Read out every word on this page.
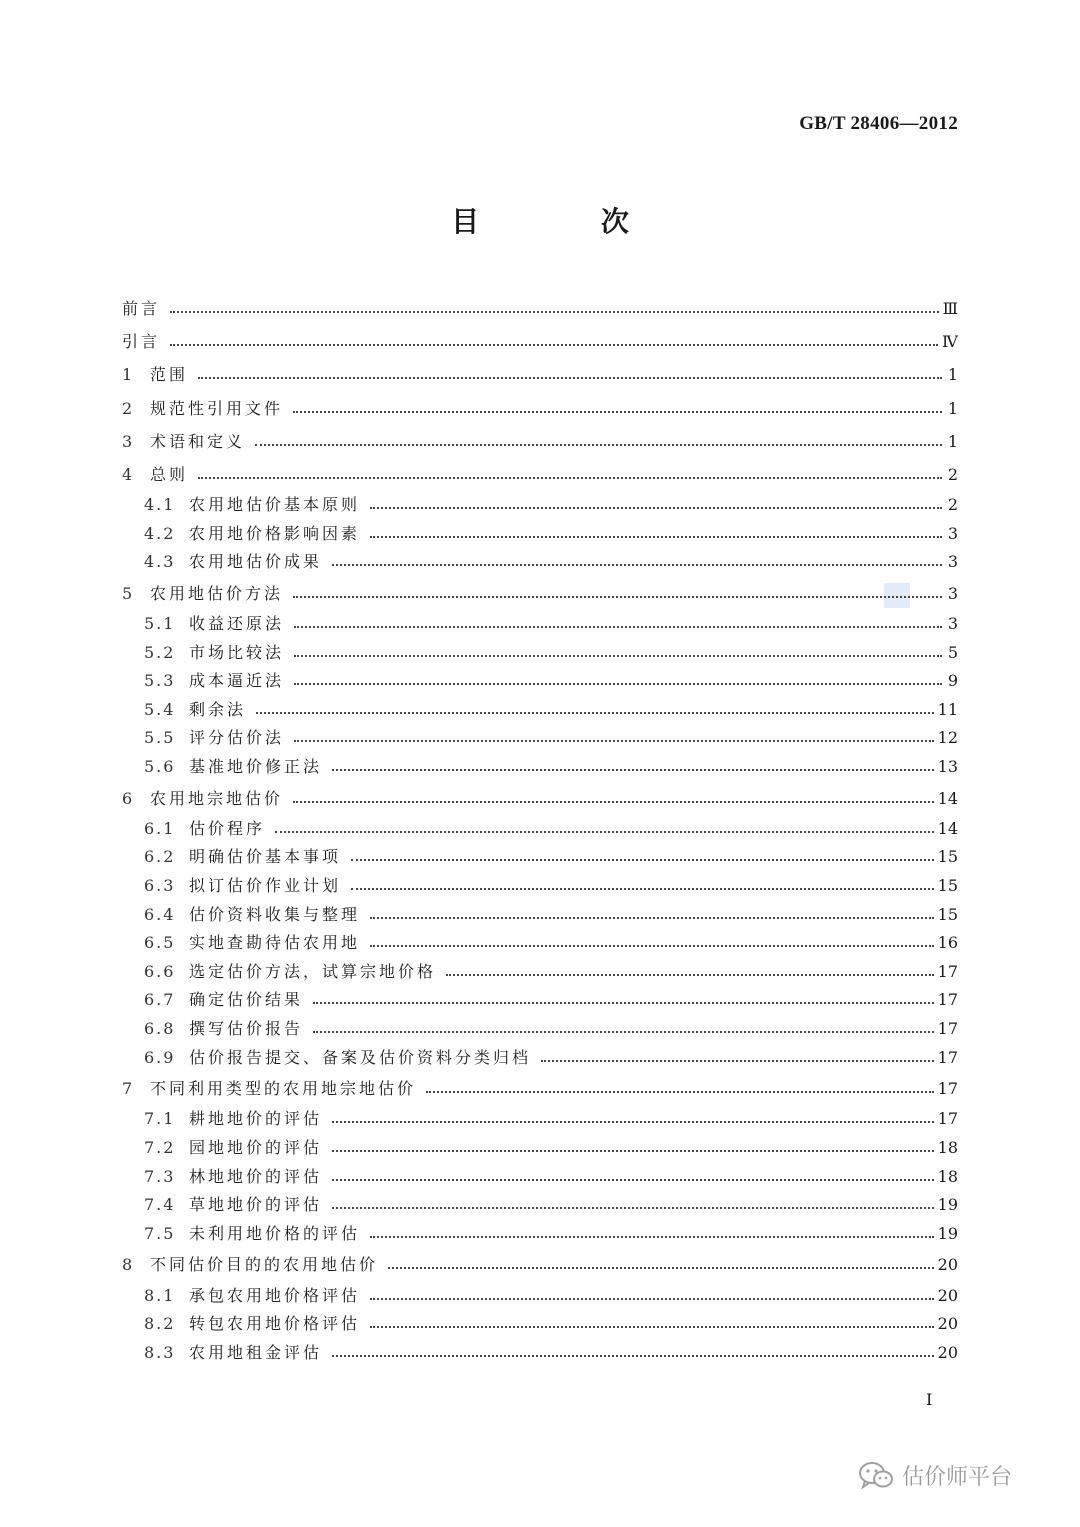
GB/T 28406—2012
目 次
前言	Ⅲ
引言	Ⅳ
1 范围	1
2 规范性引用文件	1
3 术语和定义	1
4 总则	2
4.1 农用地估价基本原则	2
4.2 农用地价格影响因素	3
4.3 农用地估价成果	3
5 农用地估价方法	3
5.1 收益还原法	3
5.2 市场比较法	5
5.3 成本逼近法	9
5.4 剩余法	11
5.5 评分估价法	12
5.6 基准地价修正法	13
6 农用地宗地估价	14
6.1 估价程序	14
6.2 明确估价基本事项	15
6.3 拟订估价作业计划	15
6.4 估价资料收集与整理	15
6.5 实地查勘待估农用地	16
6.6 选定估价方法，试算宗地价格	17
6.7 确定估价结果	17
6.8 撰写估价报告	17
6.9 估价报告提交、备案及估价资料分类归档	17
7 不同利用类型的农用地宗地估价	17
7.1 耕地地价的评估	17
7.2 园地地价的评估	18
7.3 林地地价的评估	18
7.4 草地地价的评估	19
7.5 未利用地价格的评估	19
8 不同估价目的的农用地估价	20
8.1 承包农用地价格评估	20
8.2 转包农用地价格评估	20
8.3 农用地租金评估	20
Ⅰ
估价师平台
